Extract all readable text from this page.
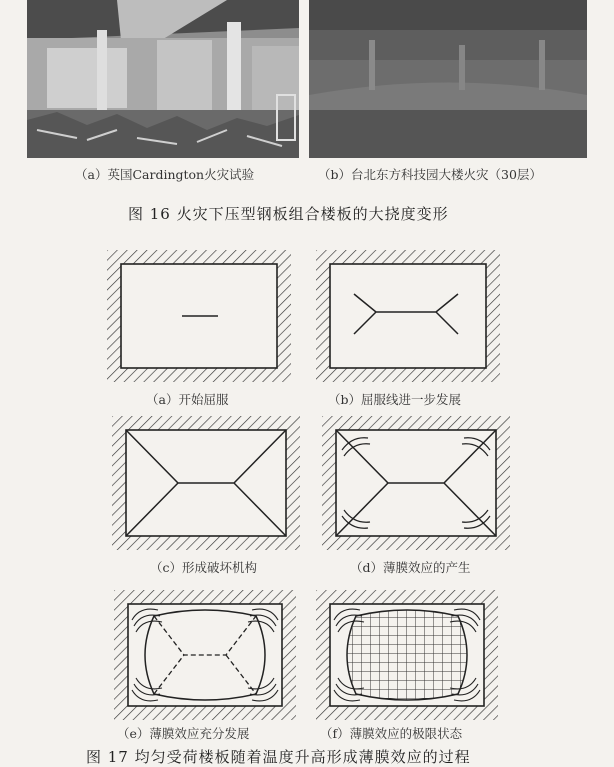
（a）英国Cardington火灾试验	（b）台北东方科技园大楼火灾（30层）
图 16 火灾下压型钢板组合楼板的大挠度变形
（a）开始屈服	（b）屈服线进一步发展
（c）形成破坏机构	（d）薄膜效应的产生
（e）薄膜效应充分发展	（f）薄膜效应的极限状态
图 17 均匀受荷楼板随着温度升高形成薄膜效应的过程
